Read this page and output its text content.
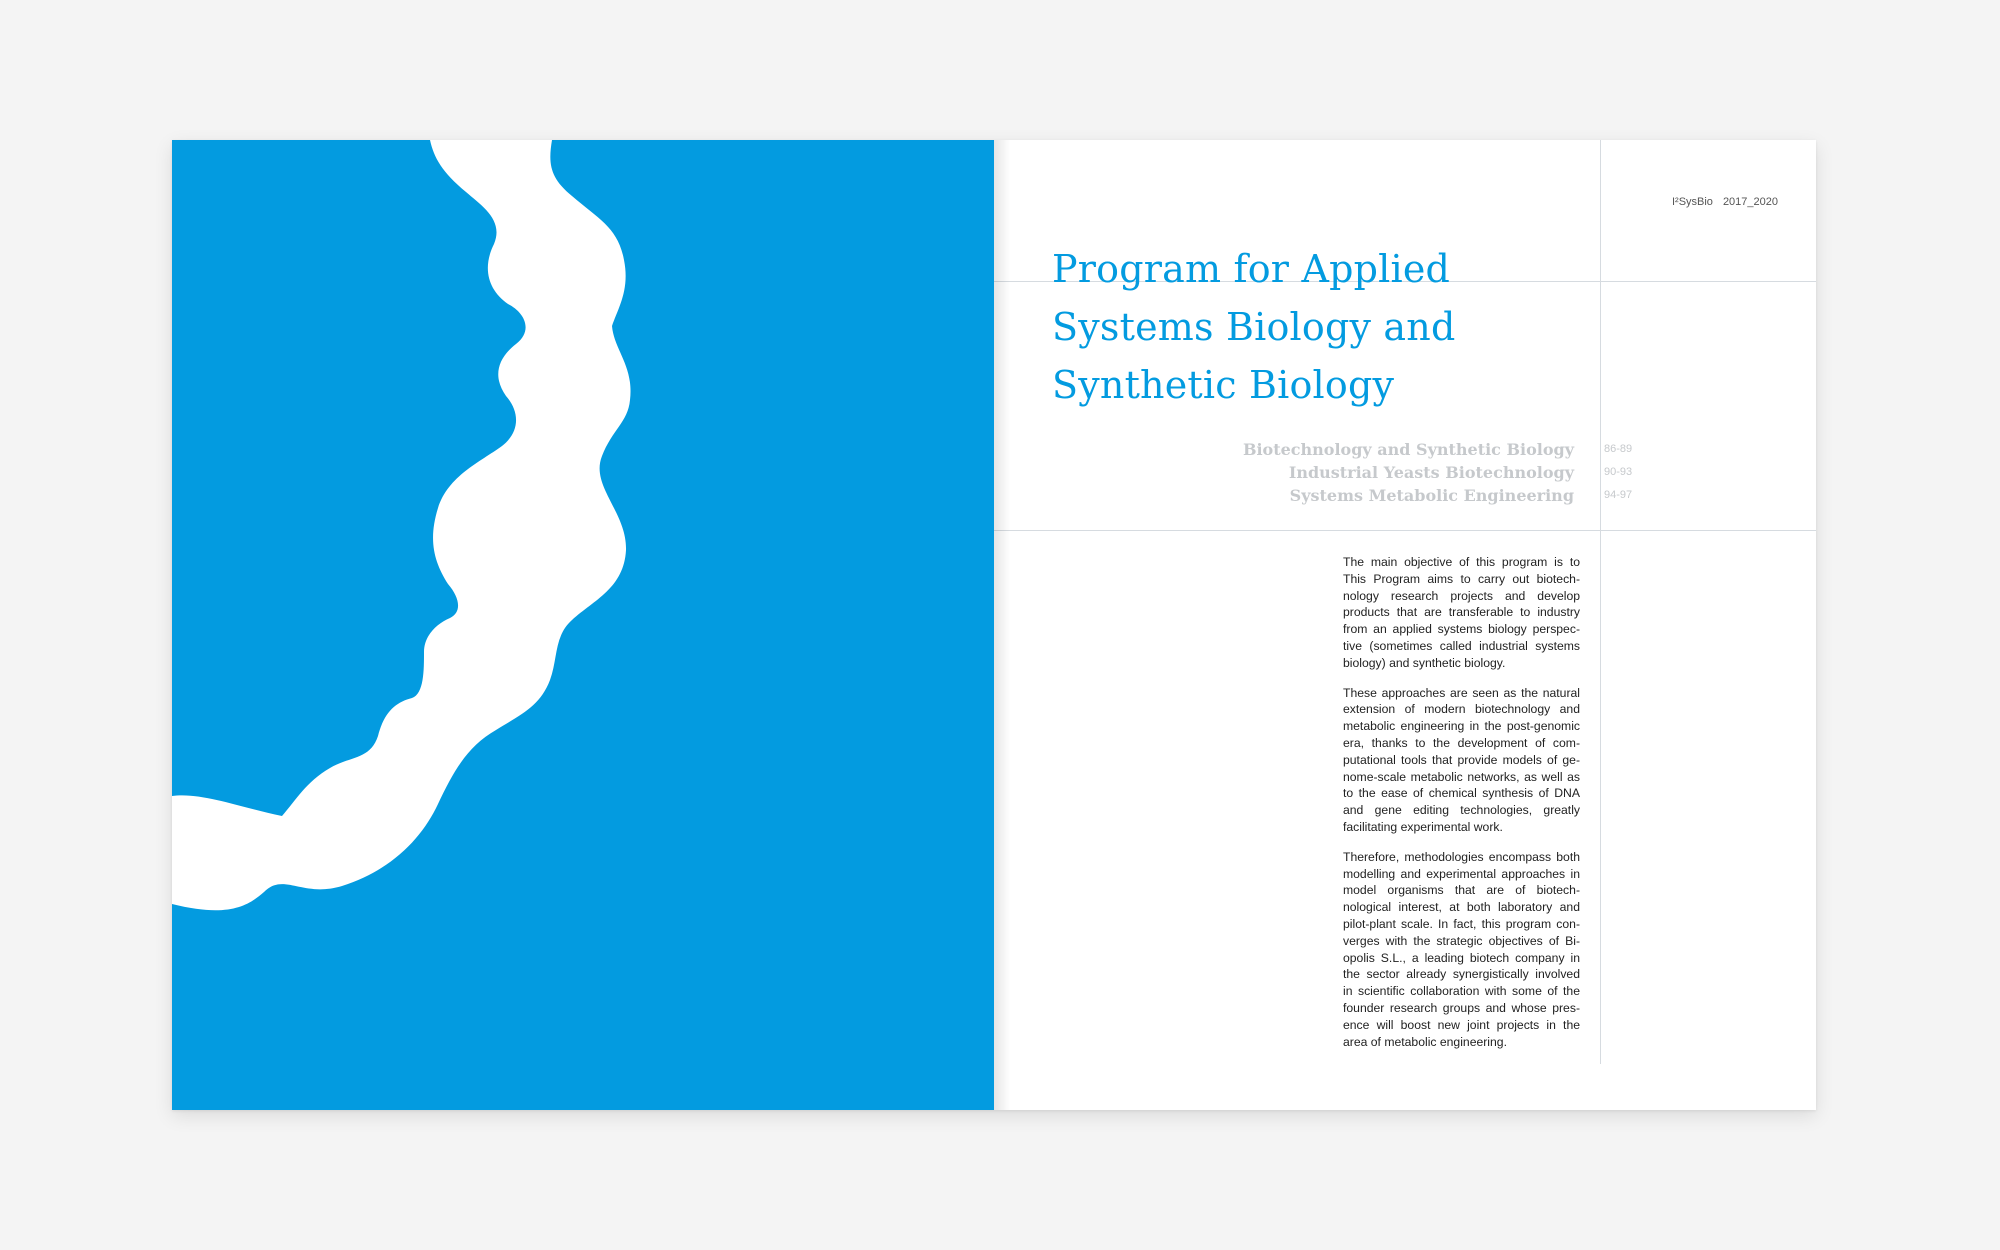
I²SysBio 2017_2020
Program for Applied
Systems Biology and
Synthetic Biology
Biotechnology and Synthetic Biology
Industrial Yeasts Biotechnology
Systems Metabolic Engineering
86-89
90-93
94-97

The main objective of this program is to This Program aims to carry out biotechnology research projects and develop products that are transferable to industry from an applied systems biology perspective (sometimes called industrial systems biology) and synthetic biology.

These approaches are seen as the natural extension of modern biotechnology and metabolic engineering in the post-genomic era, thanks to the development of computational tools that provide models of genome-scale metabolic networks, as well as to the ease of chemical synthesis of DNA and gene editing technologies, greatly facilitating experimental work.

Therefore, methodologies encompass both modelling and experimental approaches in model organisms that are of biotechnological interest, at both laboratory and pilot-plant scale. In fact, this program converges with the strategic objectives of Biopolis S.L., a leading biotech company in the sector already synergistically involved in scientific collaboration with some of the founder research groups and whose presence will boost new joint projects in the area of metabolic engineering.
